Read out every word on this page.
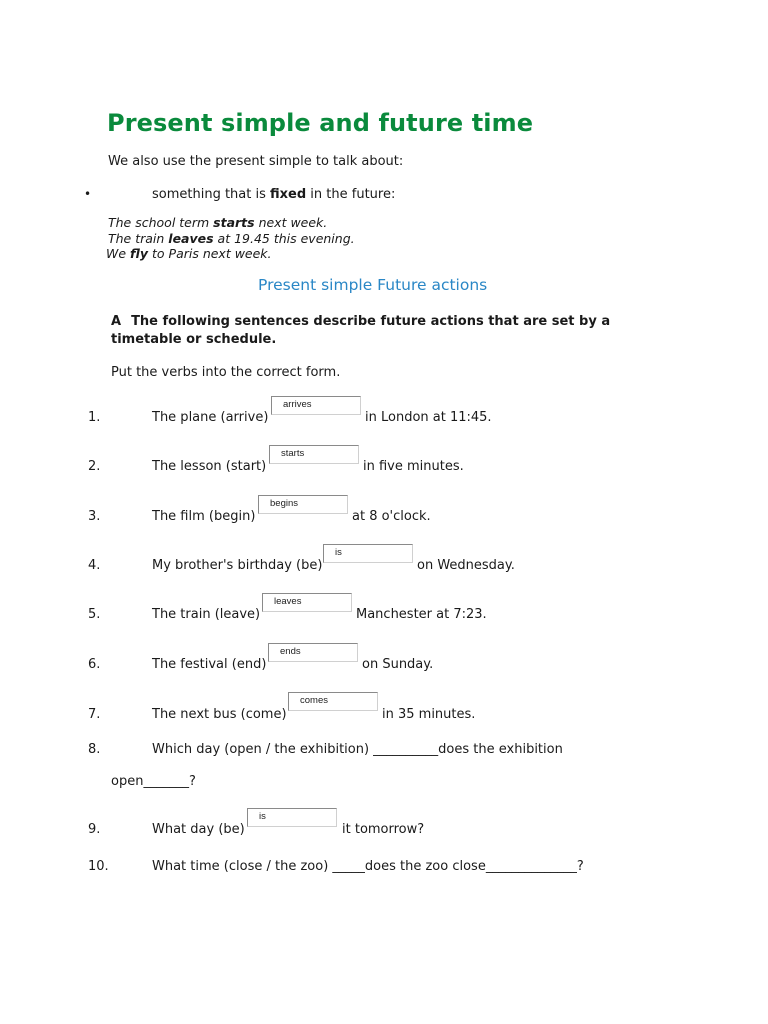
Present simple and future time
We also use the present simple to talk about:
•	something that is fixed in the future:
The school term starts next week.
The train leaves at 19.45 this evening.
We fly to Paris next week.
Present simple Future actions
A The following sentences describe future actions that are set by a timetable or schedule.
Put the verbs into the correct form.
1.	The plane (arrive)
arrives
in London at 11:45.
2.	The lesson (start)
starts
in five minutes.
3.	The film (begin)
begins
at 8 o'clock.
4.	My brother's birthday (be)
is
on Wednesday.
5.	The train (leave)
leaves
Manchester at 7:23.
6.	The festival (end)
ends
on Sunday.
7.	The next bus (come)
comes
in 35 minutes.
8.	Which day (open / the exhibition) __________does the exhibition
open_______?
9.	What day (be)
is
it tomorrow?
10.	What time (close / the zoo) _____does the zoo close______________?
